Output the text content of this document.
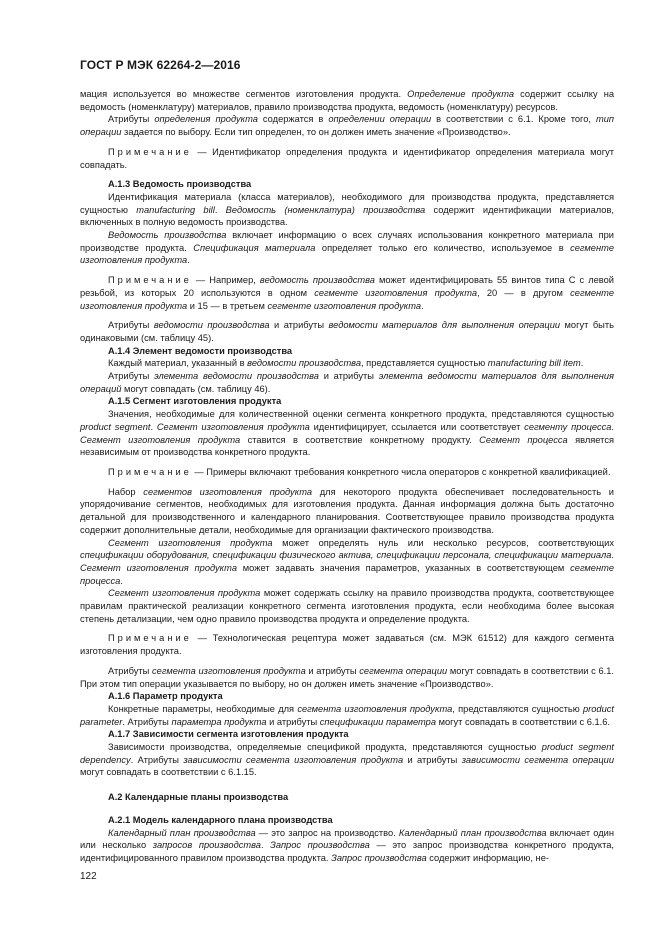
ГОСТ Р МЭК 62264-2—2016

мация используется во множестве сегментов изготовления продукта. Определение продукта содержит ссылку на ведомость (номенклатуру) материалов, правило производства продукта, ведомость (номенклатуру) ресурсов.

Атрибуты определения продукта содержатся в определении операции в соответствии с 6.1. Кроме того, тип операции задается по выбору. Если тип определен, то он должен иметь значение «Производство».

Примечание — Идентификатор определения продукта и идентификатор определения материала могут совпадать.

А.1.3 Ведомость производства

Идентификация материала (класса материалов), необходимого для производства продукта, представляется сущностью manufacturing bill. Ведомость (номенклатура) производства содержит идентификации материалов, включенных в полную ведомость производства.

Ведомость производства включает информацию о всех случаях использования конкретного материала при производстве продукта. Спецификация материала определяет только его количество, используемое в сегменте изготовления продукта.

Примечание — Например, ведомость производства может идентифицировать 55 винтов типа С с левой резьбой, из которых 20 используются в одном сегменте изготовления продукта, 20 — в другом сегменте изготовления продукта и 15 — в третьем сегменте изготовления продукта.

Атрибуты ведомости производства и атрибуты ведомости материалов для выполнения операции могут быть одинаковыми (см. таблицу 45).

А.1.4 Элемент ведомости производства

Каждый материал, указанный в ведомости производства, представляется сущностью manufacturing bill item.

Атрибуты элемента ведомости производства и атрибуты элемента ведомости материалов для выполнения операций могут совпадать (см. таблицу 46).

А.1.5 Сегмент изготовления продукта

Значения, необходимые для количественной оценки сегмента конкретного продукта, представляются сущностью product segment. Сегмент изготовления продукта идентифицирует, ссылается или соответствует сегменту процесса. Сегмент изготовления продукта ставится в соответствие конкретному продукту. Сегмент процесса является независимым от производства конкретного продукта.

Примечание — Примеры включают требования конкретного числа операторов с конкретной квалификацией.

Набор сегментов изготовления продукта для некоторого продукта обеспечивает последовательность и упорядочивание сегментов, необходимых для изготовления продукта. Данная информация должна быть достаточно детальной для производственного и календарного планирования. Соответствующее правило производства продукта содержит дополнительные детали, необходимые для организации фактического производства.

Сегмент изготовления продукта может определять нуль или несколько ресурсов, соответствующих спецификации оборудования, спецификации физического актива, спецификации персонала, спецификации материала. Сегмент изготовления продукта может задавать значения параметров, указанных в соответствующем сегменте процесса.

Сегмент изготовления продукта может содержать ссылку на правило производства продукта, соответствующее правилам практической реализации конкретного сегмента изготовления продукта, если необходима более высокая степень детализации, чем одно правило производства продукта и определение продукта.

Примечание — Технологическая рецептура может задаваться (см. МЭК 61512) для каждого сегмента изготовления продукта.

Атрибуты сегмента изготовления продукта и атрибуты сегмента операции могут совпадать в соответствии с 6.1. При этом тип операции указывается по выбору, но он должен иметь значение «Производство».

А.1.6 Параметр продукта

Конкретные параметры, необходимые для сегмента изготовления продукта, представляются сущностью product parameter. Атрибуты параметра продукта и атрибуты спецификации параметра могут совпадать в соответствии с 6.1.6.

А.1.7 Зависимости сегмента изготовления продукта

Зависимости производства, определяемые спецификой продукта, представляются сущностью product segment dependency. Атрибуты зависимости сегмента изготовления продукта и атрибуты зависимости сегмента операции могут совпадать в соответствии с 6.1.15.

А.2 Календарные планы производства

А.2.1 Модель календарного плана производства

Календарный план производства — это запрос на производство. Календарный план производства включает один или несколько запросов производства. Запрос производства — это запрос производства конкретного продукта, идентифицированного правилом производства продукта. Запрос производства содержит информацию, не-

122
